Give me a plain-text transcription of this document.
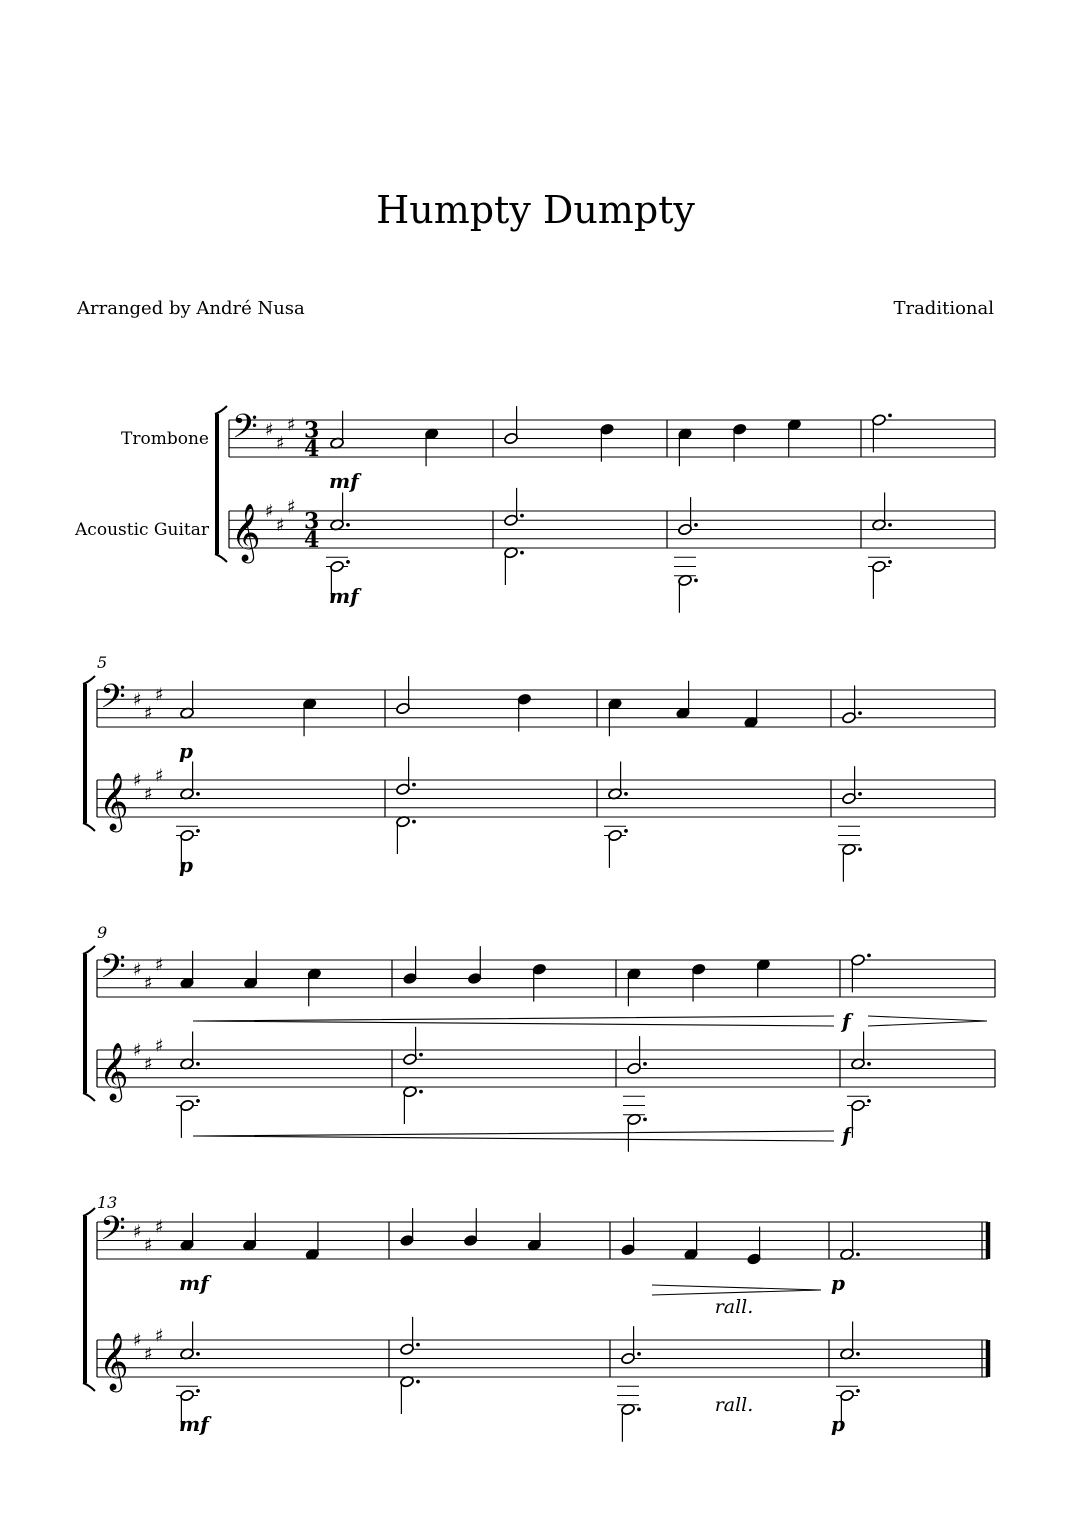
Humpty Dumpty
Arranged by André Nusa	Traditional
𝄢
𝄞
♯
♯
♯
♯
♯
♯
3
4
3
4
Trombone
Acoustic Guitar
mf
mf
𝄢
𝄞
♯
♯
♯
♯
♯
♯
5
p
p
𝄢
𝄞
♯
♯
♯
♯
♯
♯
9
f
f
𝄢
𝄞
♯
♯
♯
♯
♯
♯
13
mf	p
mf	p
rall.
rall.
